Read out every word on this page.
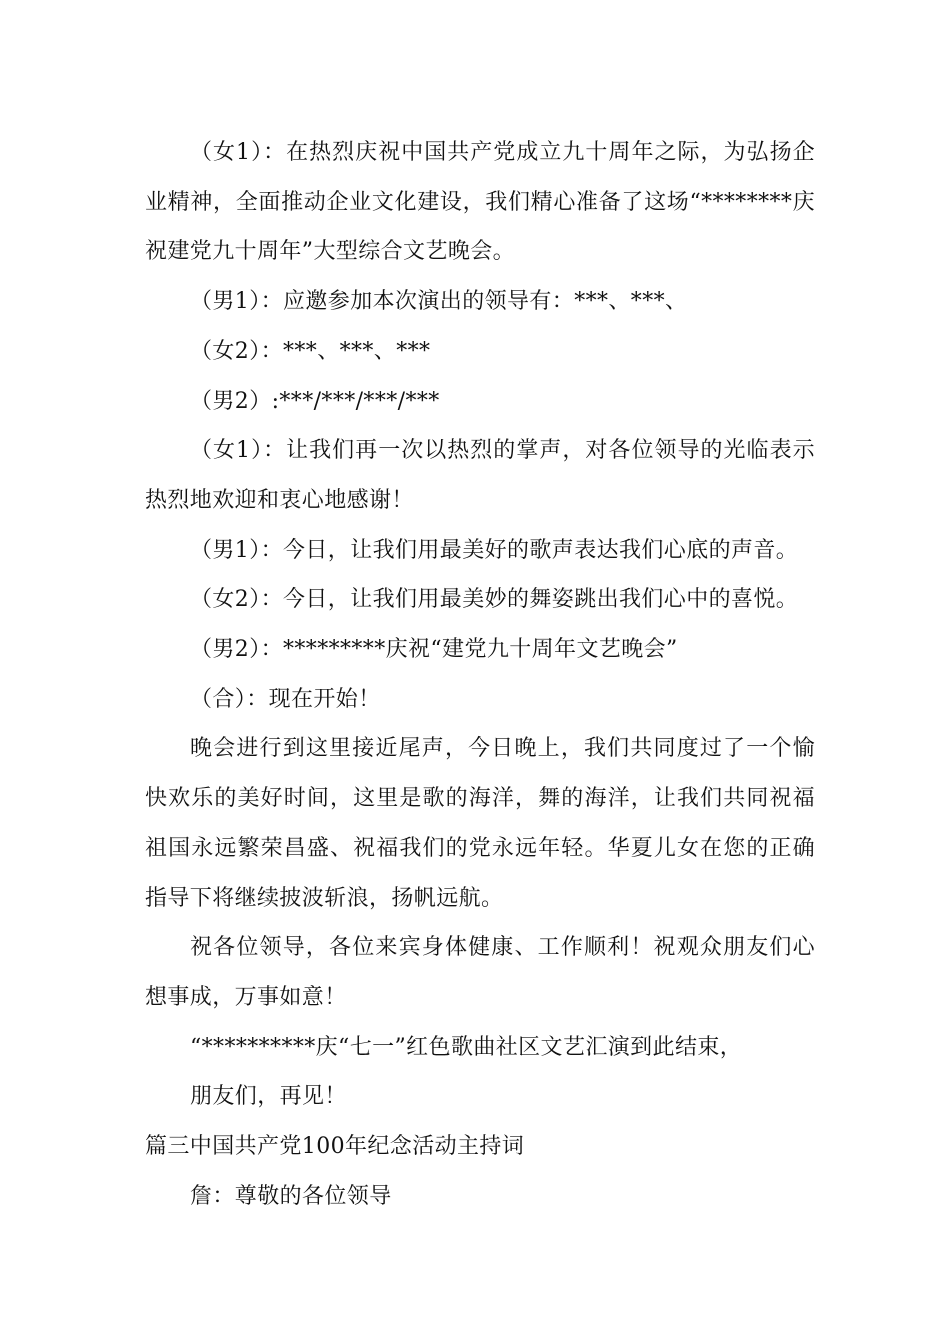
（女1）：在热烈庆祝中国共产党成立九十周年之际，为弘扬企业精神，全面推动企业文化建设，我们精心准备了这场“********庆祝建党九十周年”大型综合文艺晚会。

（男1）：应邀参加本次演出的领导有：***、***、

（女2）：***、***、***

（男2）:***/***/***/***

（女1）：让我们再一次以热烈的掌声，对各位领导的光临表示热烈地欢迎和衷心地感谢！

（男1）：今日，让我们用最美好的歌声表达我们心底的声音。

（女2）：今日，让我们用最美妙的舞姿跳出我们心中的喜悦。

（男2）：*********庆祝“建党九十周年文艺晚会”

（合）：现在开始！

晚会进行到这里接近尾声，今日晚上，我们共同度过了一个愉快欢乐的美好时间，这里是歌的海洋，舞的海洋，让我们共同祝福祖国永远繁荣昌盛、祝福我们的党永远年轻。华夏儿女在您的正确指导下将继续披波斩浪，扬帆远航。

祝各位领导，各位来宾身体健康、工作顺利！祝观众朋友们心想事成，万事如意！

“**********庆“七一”红色歌曲社区文艺汇演到此结束，

朋友们，再见！

篇三中国共产党100年纪念活动主持词

詹：尊敬的各位领导
